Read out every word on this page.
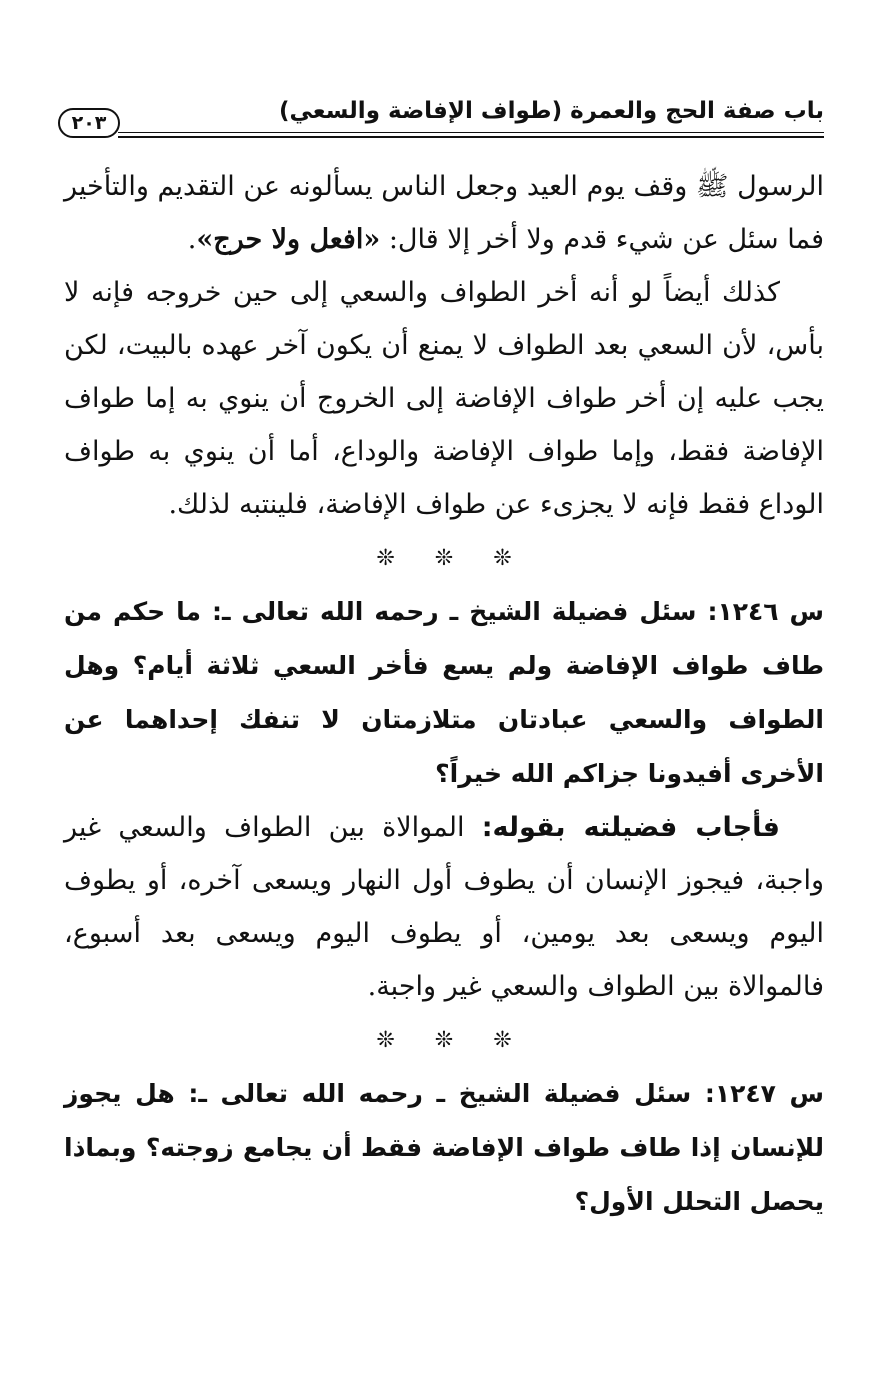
باب صفة الحج والعمرة (طواف الإفاضة والسعي)
٢٠٣

الرسول ﷺ وقف يوم العيد وجعل الناس يسألونه عن التقديم والتأخير فما سئل عن شيء قدم ولا أخر إلا قال: «افعل ولا حرج».

كذلك أيضاً لو أنه أخر الطواف والسعي إلى حين خروجه فإنه لا بأس، لأن السعي بعد الطواف لا يمنع أن يكون آخر عهده بالبيت، لكن يجب عليه إن أخر طواف الإفاضة إلى الخروج أن ينوي به إما طواف الإفاضة فقط، وإما طواف الإفاضة والوداع، أما أن ينوي به طواف الوداع فقط فإنه لا يجزىء عن طواف الإفاضة، فلينتبه لذلك.

❊ ❊ ❊

س ١٢٤٦: سئل فضيلة الشيخ ـ رحمه الله تعالى ـ: ما حكم من طاف طواف الإفاضة ولم يسع فأخر السعي ثلاثة أيام؟ وهل الطواف والسعي عبادتان متلازمتان لا تنفك إحداهما عن الأخرى أفيدونا جزاكم الله خيراً؟

فأجاب فضيلته بقوله: الموالاة بين الطواف والسعي غير واجبة، فيجوز الإنسان أن يطوف أول النهار ويسعى آخره، أو يطوف اليوم ويسعى بعد يومين، أو يطوف اليوم ويسعى بعد أسبوع، فالموالاة بين الطواف والسعي غير واجبة.

❊ ❊ ❊

س ١٢٤٧: سئل فضيلة الشيخ ـ رحمه الله تعالى ـ: هل يجوز للإنسان إذا طاف طواف الإفاضة فقط أن يجامع زوجته؟ وبماذا يحصل التحلل الأول؟
